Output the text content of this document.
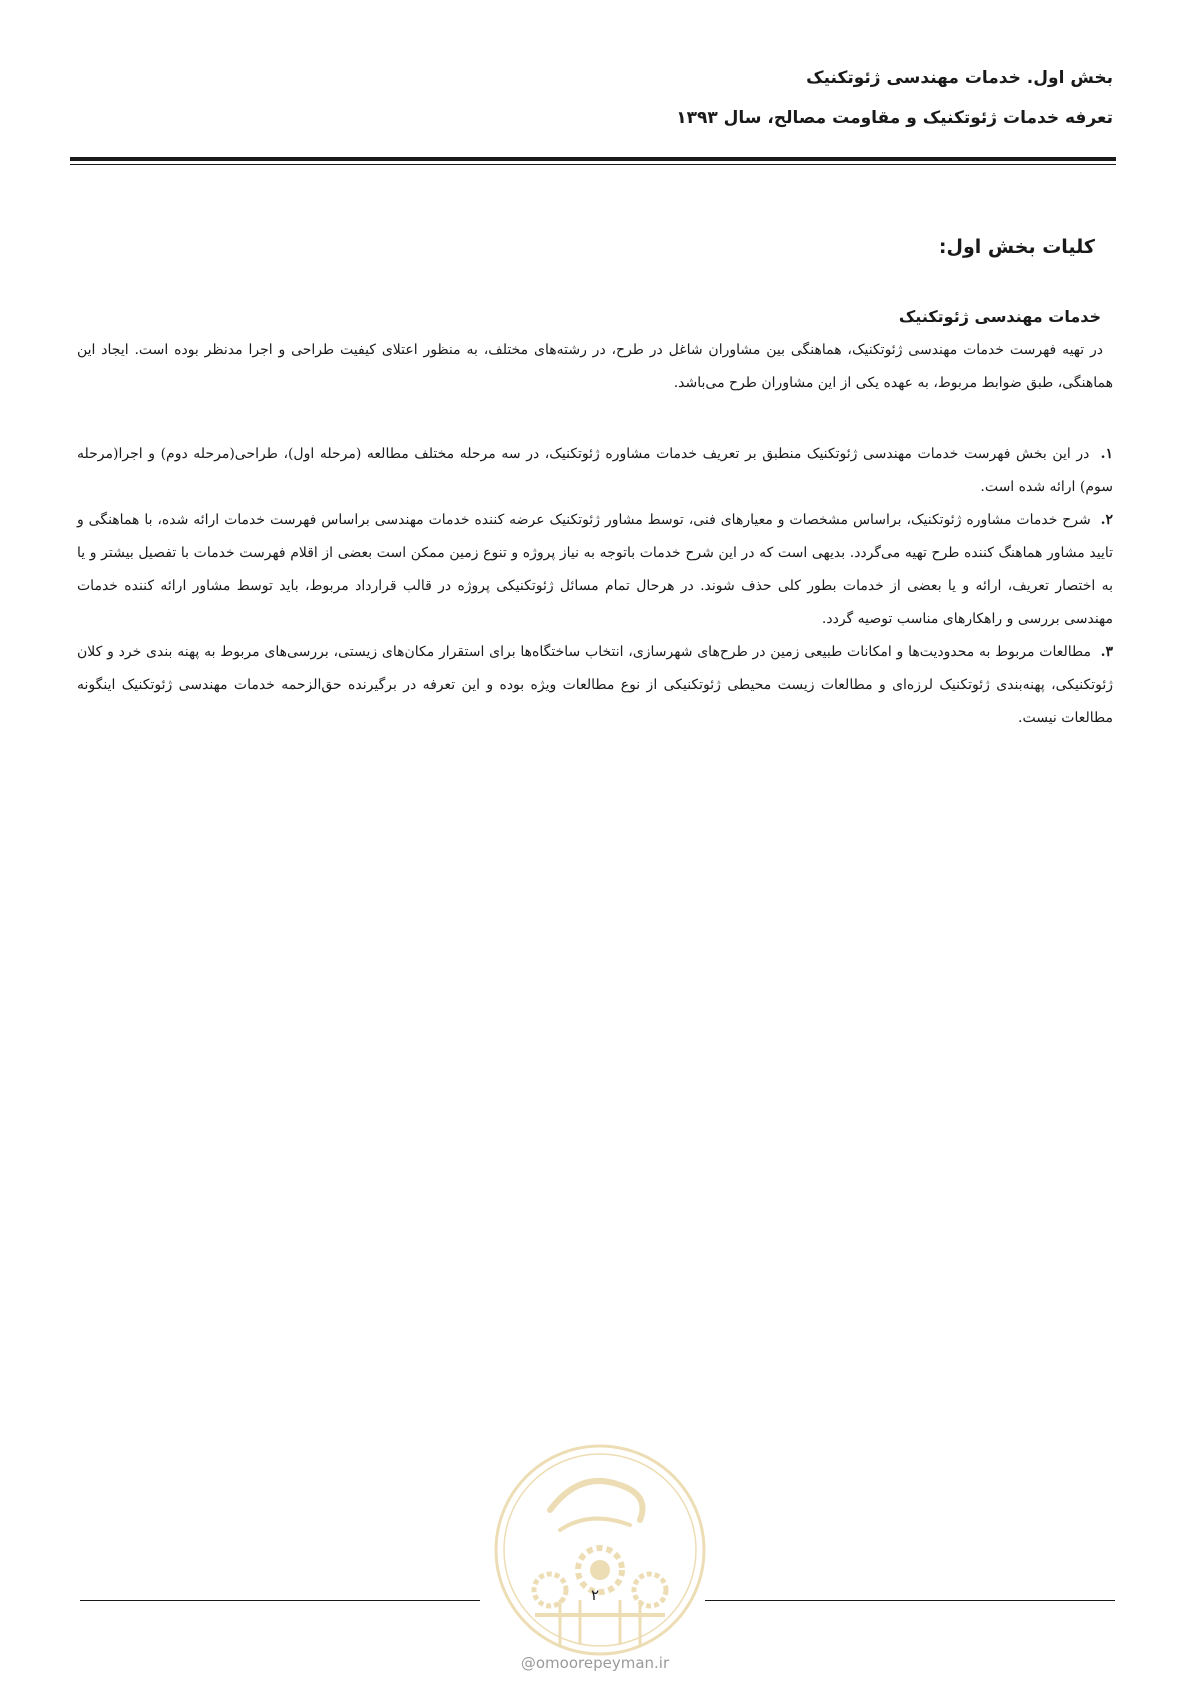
بخش اول. خدمات مهندسی ژئوتکنیک
تعرفه خدمات ژئوتکنیک و مقاومت مصالح، سال ۱۳۹۳
کلیات بخش اول:
خدمات مهندسی ژئوتکنیک

در تهیه فهرست خدمات مهندسی ژئوتکنیک، هماهنگی بین مشاوران شاغل در طرح، در رشته‌های مختلف، به منظور اعتلای کیفیت طراحی و اجرا مدنظر بوده است. ایجاد این هماهنگی، طبق ضوابط مربوط، به عهده یکی از این مشاوران طرح می‌باشد.

۱.  در این بخش فهرست خدمات مهندسی ژئوتکنیک منطبق بر تعریف خدمات مشاوره ژئوتکنیک، در سه مرحله مختلف مطالعه (مرحله اول)، طراحی(مرحله دوم) و اجرا(مرحله سوم) ارائه شده است.

۲.  شرح خدمات مشاوره ژئوتکنیک، براساس مشخصات و معیارهای فنی، توسط مشاور ژئوتکنیک عرضه کننده خدمات مهندسی براساس فهرست خدمات ارائه شده، با هماهنگی و تایید مشاور هماهنگ کننده طرح تهیه می‌گردد. بدیهی است که در این شرح خدمات باتوجه به نیاز پروژه و تنوع زمین ممکن است بعضی از اقلام فهرست خدمات با تفصیل بیشتر و یا به اختصار تعریف، ارائه و یا بعضی از خدمات بطور کلی حذف شوند. در هرحال تمام مسائل ژئوتکنیکی پروژه در قالب قرارداد مربوط، باید توسط مشاور ارائه کننده خدمات مهندسی بررسی و راهکارهای مناسب توصیه گردد.

۳.  مطالعات مربوط به محدودیت‌ها و امکانات طبیعی زمین در طرح‌های شهرسازی، انتخاب ساختگاه‌ها برای استقرار مکان‌های زیستی، بررسی‌های مربوط به پهنه بندی خرد و کلان ژئوتکنیکی، پهنه‌بندی ژئوتکنیک لرزه‌ای و مطالعات زیست محیطی ژئوتکنیکی از نوع مطالعات ویژه بوده و این تعرفه در برگیرنده حق‌الزحمه خدمات مهندسی ژئوتکنیک اینگونه مطالعات نیست.

۲
@omoorepeyman.ir
